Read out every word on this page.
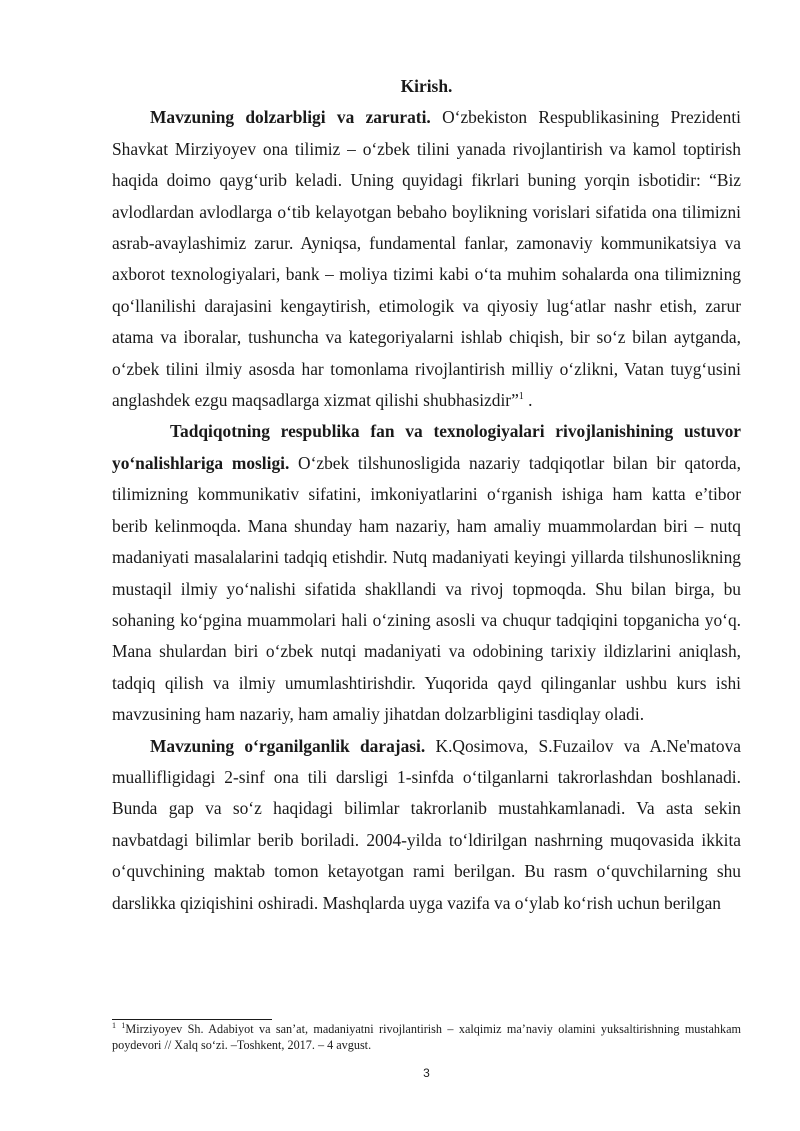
Kirish.

Mavzuning dolzarbligi va zarurati. O‘zbekiston Respublikasining Prezidenti Shavkat Mirziyoyev ona tilimiz – o‘zbek tilini yanada rivojlantirish va kamol toptirish haqida doimo qayg‘urib keladi. Uning quyidagi fikrlari buning yorqin isbotidir: “Biz avlodlardan avlodlarga o‘tib kelayotgan bebaho boylikning vorislari sifatida ona tilimizni asrab-avaylashimiz zarur. Ayniqsa, fundamental fanlar, zamonaviy kommunikatsiya va axborot texnologiyalari, bank – moliya tizimi kabi o‘ta muhim sohalarda ona tilimizning qo‘llanilishi darajasini kengaytirish, etimologik va qiyosiy lug‘atlar nashr etish, zarur atama va iboralar, tushuncha va kategoriyalarni ishlab chiqish, bir so‘z bilan aytganda, o‘zbek tilini ilmiy asosda har tomonlama rivojlantirish milliy o‘zlikni, Vatan tuyg‘usini anglashdek ezgu maqsadlarga xizmat qilishi shubhasizdir”$^1$ .

Tadqiqotning respublika fan va texnologiyalari rivojlanishining ustuvor yo‘nalishlariga mosligi. O‘zbek tilshunosligida nazariy tadqiqotlar bilan bir qatorda, tilimizning kommunikativ sifatini, imkoniyatlarini o‘rganish ishiga ham katta e’tibor berib kelinmoqda. Mana shunday ham nazariy, ham amaliy muammolardan biri – nutq madaniyati masalalarini tadqiq etishdir. Nutq madaniyati keyingi yillarda tilshunoslikning mustaqil ilmiy yo‘nalishi sifatida shakllandi va rivoj topmoqda. Shu bilan birga, bu sohaning ko‘pgina muammolari hali o‘zining asosli va chuqur tadqiqini topganicha yo‘q. Mana shulardan biri o‘zbek nutqi madaniyati va odobining tarixiy ildizlarini aniqlash, tadqiq qilish va ilmiy umumlashtirishdir. Yuqorida qayd qilinganlar ushbu kurs ishi mavzusining ham nazariy, ham amaliy jihatdan dolzarbligini tasdiqlay oladi.

Mavzuning o‘rganilganlik darajasi. K.Qosimova, S.Fuzailov va A.Ne'matova muallifligidagi 2-sinf ona tili darsligi 1-sinfda o‘tilganlarni takrorlashdan boshlanadi. Bunda gap va so‘z haqidagi bilimlar takrorlanib mustahkamlanadi. Va asta sekin navbatdagi bilimlar berib boriladi. 2004-yilda to‘ldirilgan nashrning muqovasida ikkita o‘quvchining maktab tomon ketayotgan rami berilgan. Bu rasm o‘quvchilarning shu darslikka qiziqishini oshiradi. Mashqlarda uyga vazifa va o‘ylab ko‘rish uchun berilgan

$^1$ $^1$Mirziyoyev Sh. Adabiyot va san’at, madaniyatni rivojlantirish – xalqimiz ma’naviy olamini yuksaltirishning mustahkam poydevori // Xalq so‘zi. –Toshkent, 2017. – 4 avgust.

3
